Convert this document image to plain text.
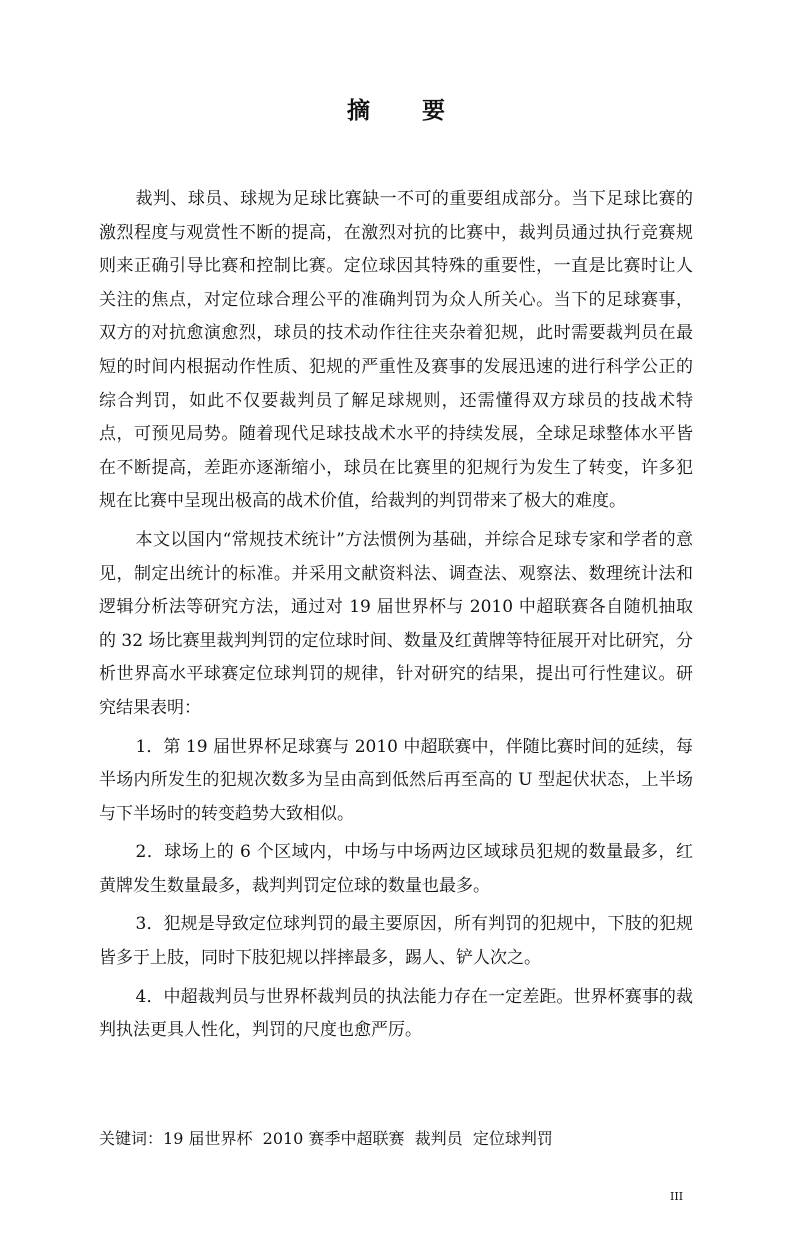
摘 要

裁判、球员、球规为足球比赛缺一不可的重要组成部分。当下足球比赛的激烈程度与观赏性不断的提高，在激烈对抗的比赛中，裁判员通过执行竞赛规则来正确引导比赛和控制比赛。定位球因其特殊的重要性，一直是比赛时让人关注的焦点，对定位球合理公平的准确判罚为众人所关心。当下的足球赛事，双方的对抗愈演愈烈，球员的技术动作往往夹杂着犯规，此时需要裁判员在最短的时间内根据动作性质、犯规的严重性及赛事的发展迅速的进行科学公正的综合判罚，如此不仅要裁判员了解足球规则，还需懂得双方球员的技战术特点，可预见局势。随着现代足球技战术水平的持续发展，全球足球整体水平皆在不断提高，差距亦逐渐缩小，球员在比赛里的犯规行为发生了转变，许多犯规在比赛中呈现出极高的战术价值，给裁判的判罚带来了极大的难度。

本文以国内“常规技术统计”方法惯例为基础，并综合足球专家和学者的意见，制定出统计的标准。并采用文献资料法、调查法、观察法、数理统计法和逻辑分析法等研究方法，通过对 19 届世界杯与 2010 中超联赛各自随机抽取的 32 场比赛里裁判判罚的定位球时间、数量及红黄牌等特征展开对比研究，分析世界高水平球赛定位球判罚的规律，针对研究的结果，提出可行性建议。研究结果表明：

1．第 19 届世界杯足球赛与 2010 中超联赛中，伴随比赛时间的延续，每半场内所发生的犯规次数多为呈由高到低然后再至高的 U 型起伏状态，上半场与下半场时的转变趋势大致相似。

2．球场上的 6 个区域内，中场与中场两边区域球员犯规的数量最多，红黄牌发生数量最多，裁判判罚定位球的数量也最多。

3．犯规是导致定位球判罚的最主要原因，所有判罚的犯规中，下肢的犯规皆多于上肢，同时下肢犯规以拌摔最多，踢人、铲人次之。

4．中超裁判员与世界杯裁判员的执法能力存在一定差距。世界杯赛事的裁判执法更具人性化，判罚的尺度也愈严厉。

关键词：19 届世界杯 2010 赛季中超联赛 裁判员 定位球判罚
III
